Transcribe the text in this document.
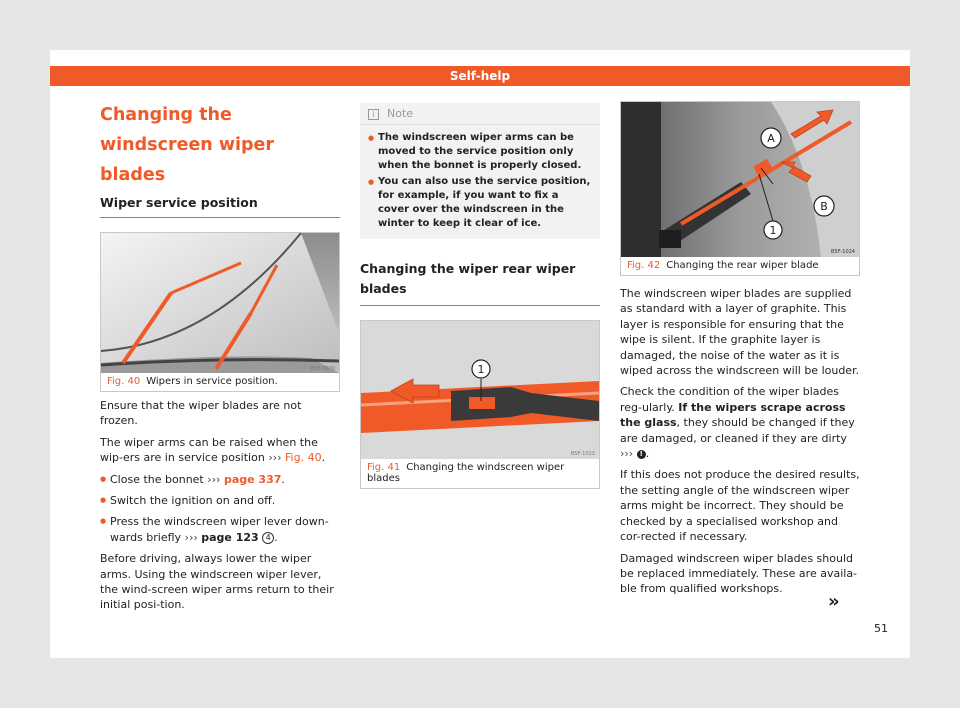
Self-help
Changing the windscreen wiper blades
Wiper service position
B5F-0970
Fig. 40 Wipers in service position.

Ensure that the wiper blades are not frozen.

The wiper arms can be raised when the wip-ers are in service position ››› Fig. 40.

● Close the bonnet ››› page 337.

● Switch the ignition on and off.

● Press the windscreen wiper lever down-wards briefly ››› page 123 4 .

Before driving, always lower the wiper arms. Using the windscreen wiper lever, the wind-screen wiper arms return to their initial posi-tion.

i Note

● The windscreen wiper arms can be moved to the service position only when the bonnet is properly closed.

● You can also use the service position, for example, if you want to fix a cover over the windscreen in the winter to keep it clear of ice.

Changing the wiper rear wiper blades
1
B5F-1023
Fig. 41 Changing the windscreen wiper blades
A
B
1
B5F-1024
Fig. 42 Changing the rear wiper blade

The windscreen wiper blades are supplied as standard with a layer of graphite. This layer is responsible for ensuring that the wipe is silent. If the graphite layer is damaged, the noise of the water as it is wiped across the windscreen will be louder.

Check the condition of the wiper blades reg-ularly. If the wipers scrape across the glass, they should be changed if they are damaged, or cleaned if they are dirty ››› ! .

If this does not produce the desired results, the setting angle of the windscreen wiper arms might be incorrect. They should be checked by a specialised workshop and cor-rected if necessary.

Damaged windscreen wiper blades should be replaced immediately. These are availa-ble from qualified workshops.

»
51
